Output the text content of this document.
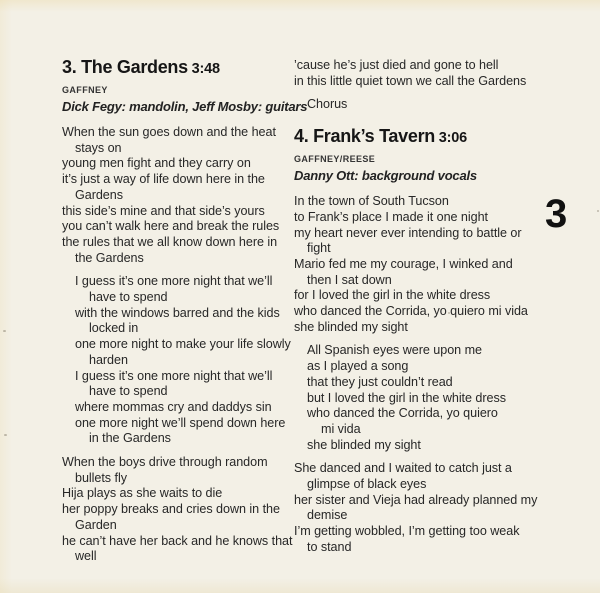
3. The Gardens 3:48
GAFFNEY
Dick Fegy: mandolin, Jeff Mosby: guitars
When the sun goes down and the heat
stays on
young men fight and they carry on
it’s just a way of life down here in the
Gardens
this side’s mine and that side’s yours
you can’t walk here and break the rules
the rules that we all know down here in
the Gardens
I guess it’s one more night that we’ll
have to spend
with the windows barred and the kids
locked in
one more night to make your life slowly
harden
I guess it’s one more night that we’ll
have to spend
where mommas cry and daddys sin
one more night we’ll spend down here
in the Gardens
When the boys drive through random
bullets fly
Hija plays as she waits to die
her poppy breaks and cries down in the
Garden
he can’t have her back and he knows that
well
’cause he’s just died and gone to hell
in this little quiet town we call the Gardens
Chorus
4. Frank’s Tavern 3:06
GAFFNEY/REESE
Danny Ott: background vocals
In the town of South Tucson
to Frank’s place I made it one night
my heart never ever intending to battle or
fight
Mario fed me my courage, I winked and
then I sat down
for I loved the girl in the white dress
who danced the Corrida, yo quiero mi vida
she blinded my sight
All Spanish eyes were upon me
as I played a song
that they just couldn’t read
but I loved the girl in the white dress
who danced the Corrida, yo quiero
mi vida
she blinded my sight
She danced and I waited to catch just a
glimpse of black eyes
her sister and Vieja had already planned my
demise
I’m getting wobbled, I’m getting too weak
to stand
3
